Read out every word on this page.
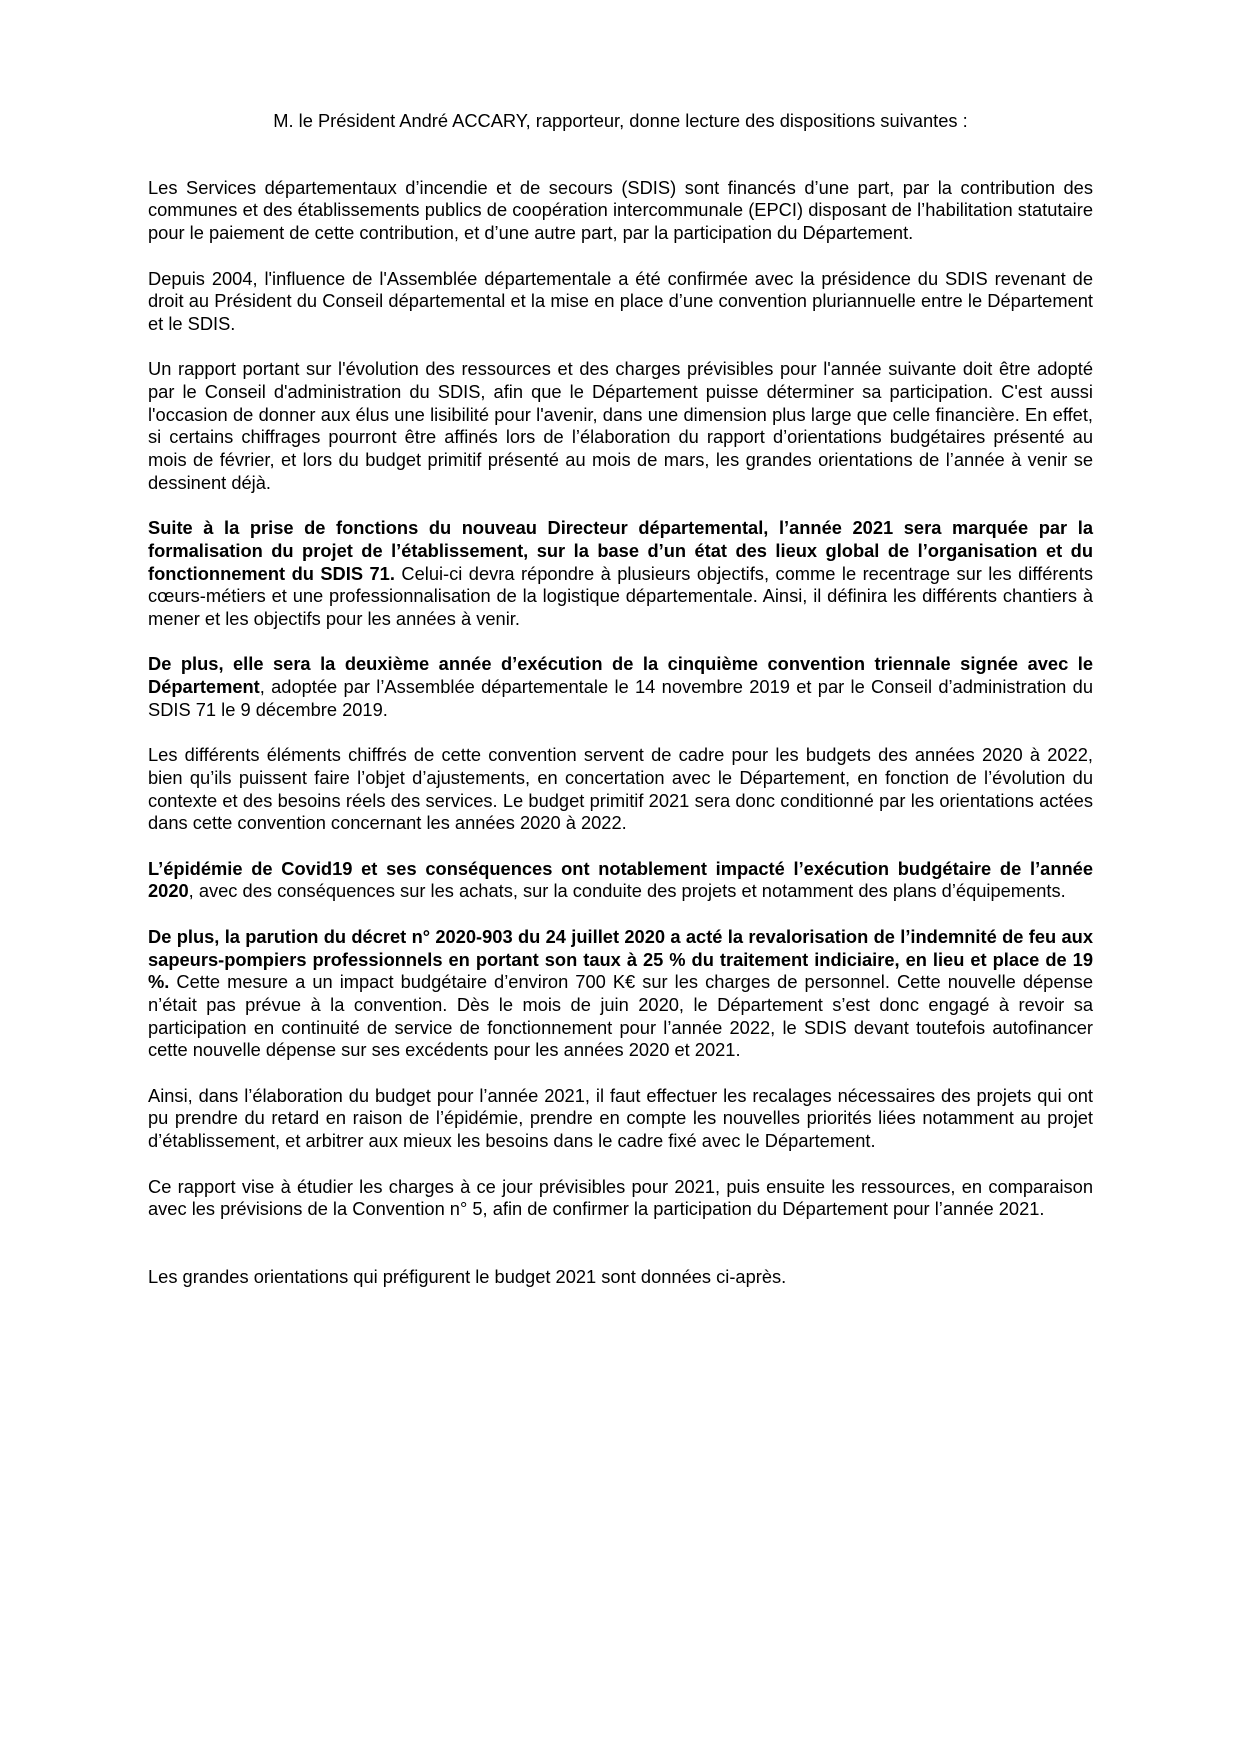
M. le Président André ACCARY, rapporteur, donne lecture des dispositions suivantes :

Les Services départementaux d’incendie et de secours (SDIS) sont financés d’une part, par la contribution des communes et des établissements publics de coopération intercommunale (EPCI) disposant de l’habilitation statutaire pour le paiement de cette contribution, et d’une autre part, par la participation du Département.

Depuis 2004, l'influence de l'Assemblée départementale a été confirmée avec la présidence du SDIS revenant de droit au Président du Conseil départemental et la mise en place d’une convention pluriannuelle entre le Département et le SDIS.

Un rapport portant sur l'évolution des ressources et des charges prévisibles pour l'année suivante doit être adopté par le Conseil d'administration du SDIS, afin que le Département puisse déterminer sa participation. C'est aussi l'occasion de donner aux élus une lisibilité pour l'avenir, dans une dimension plus large que celle financière. En effet, si certains chiffrages pourront être affinés lors de l’élaboration du rapport d’orientations budgétaires présenté au mois de février, et lors du budget primitif présenté au mois de mars, les grandes orientations de l’année à venir se dessinent déjà.

Suite à la prise de fonctions du nouveau Directeur départemental, l’année 2021 sera marquée par la formalisation du projet de l’établissement, sur la base d’un état des lieux global de l’organisation et du fonctionnement du SDIS 71. Celui-ci devra répondre à plusieurs objectifs, comme le recentrage sur les différents cœurs-métiers et une professionnalisation de la logistique départementale. Ainsi, il définira les différents chantiers à mener et les objectifs pour les années à venir.

De plus, elle sera la deuxième année d’exécution de la cinquième convention triennale signée avec le Département, adoptée par l’Assemblée départementale le 14 novembre 2019 et par le Conseil d’administration du SDIS 71 le 9 décembre 2019.

Les différents éléments chiffrés de cette convention servent de cadre pour les budgets des années 2020 à 2022, bien qu’ils puissent faire l’objet d’ajustements, en concertation avec le Département, en fonction de l’évolution du contexte et des besoins réels des services. Le budget primitif 2021 sera donc conditionné par les orientations actées dans cette convention concernant les années 2020 à 2022.

L’épidémie de Covid19 et ses conséquences ont notablement impacté l’exécution budgétaire de l’année 2020, avec des conséquences sur les achats, sur la conduite des projets et notamment des plans d’équipements.

De plus, la parution du décret n° 2020-903 du 24 juillet 2020 a acté la revalorisation de l’indemnité de feu aux sapeurs-pompiers professionnels en portant son taux à 25 % du traitement indiciaire, en lieu et place de 19 %. Cette mesure a un impact budgétaire d’environ 700 K€ sur les charges de personnel. Cette nouvelle dépense n’était pas prévue à la convention. Dès le mois de juin 2020, le Département s’est donc engagé à revoir sa participation en continuité de service de fonctionnement pour l’année 2022, le SDIS devant toutefois autofinancer cette nouvelle dépense sur ses excédents pour les années 2020 et 2021.

Ainsi, dans l’élaboration du budget pour l’année 2021, il faut effectuer les recalages nécessaires des projets qui ont pu prendre du retard en raison de l’épidémie, prendre en compte les nouvelles priorités liées notamment au projet d’établissement, et arbitrer aux mieux les besoins dans le cadre fixé avec le Département.

Ce rapport vise à étudier les charges à ce jour prévisibles pour 2021, puis ensuite les ressources, en comparaison avec les prévisions de la Convention n° 5, afin de confirmer la participation du Département pour l’année 2021.

Les grandes orientations qui préfigurent le budget 2021 sont données ci-après.
